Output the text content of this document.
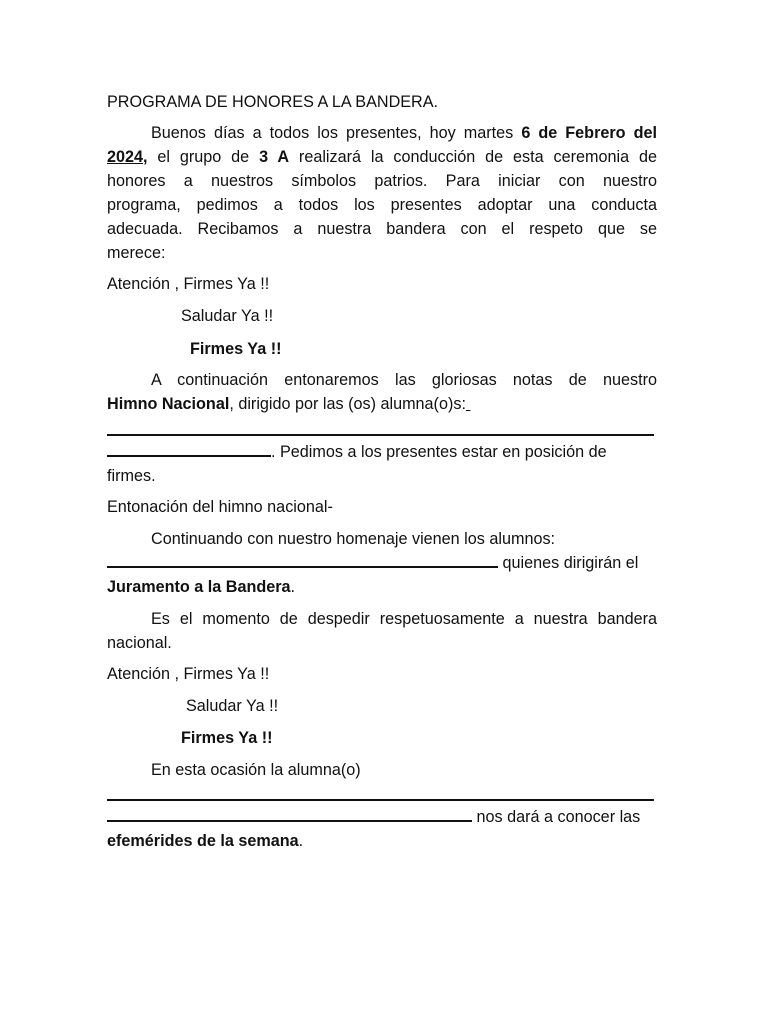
PROGRAMA DE HONORES A LA BANDERA.
Buenos días a todos los presentes, hoy martes 6 de Febrero del
2024, el grupo de 3 A realizará la conducción de esta ceremonia de
honores a nuestros símbolos patrios. Para iniciar con nuestro
programa, pedimos a todos los presentes adoptar una conducta
adecuada. Recibamos a nuestra bandera con el respeto que se
merece:
Atención , Firmes Ya !!
Saludar Ya !!
Firmes Ya !!
A continuación entonaremos las gloriosas notas de nuestro
Himno Nacional, dirigido por las (os) alumna(o)s:
. Pedimos a los presentes estar en posición de
firmes.
Entonación del himno nacional-
Continuando con nuestro homenaje vienen los alumnos:
quienes dirigirán el
Juramento a la Bandera.
Es el momento de despedir respetuosamente a nuestra bandera
nacional.
Atención , Firmes Ya !!
Saludar Ya !!
Firmes Ya !!
En esta ocasión la alumna(o)
nos dará a conocer las
efemérides de la semana.
